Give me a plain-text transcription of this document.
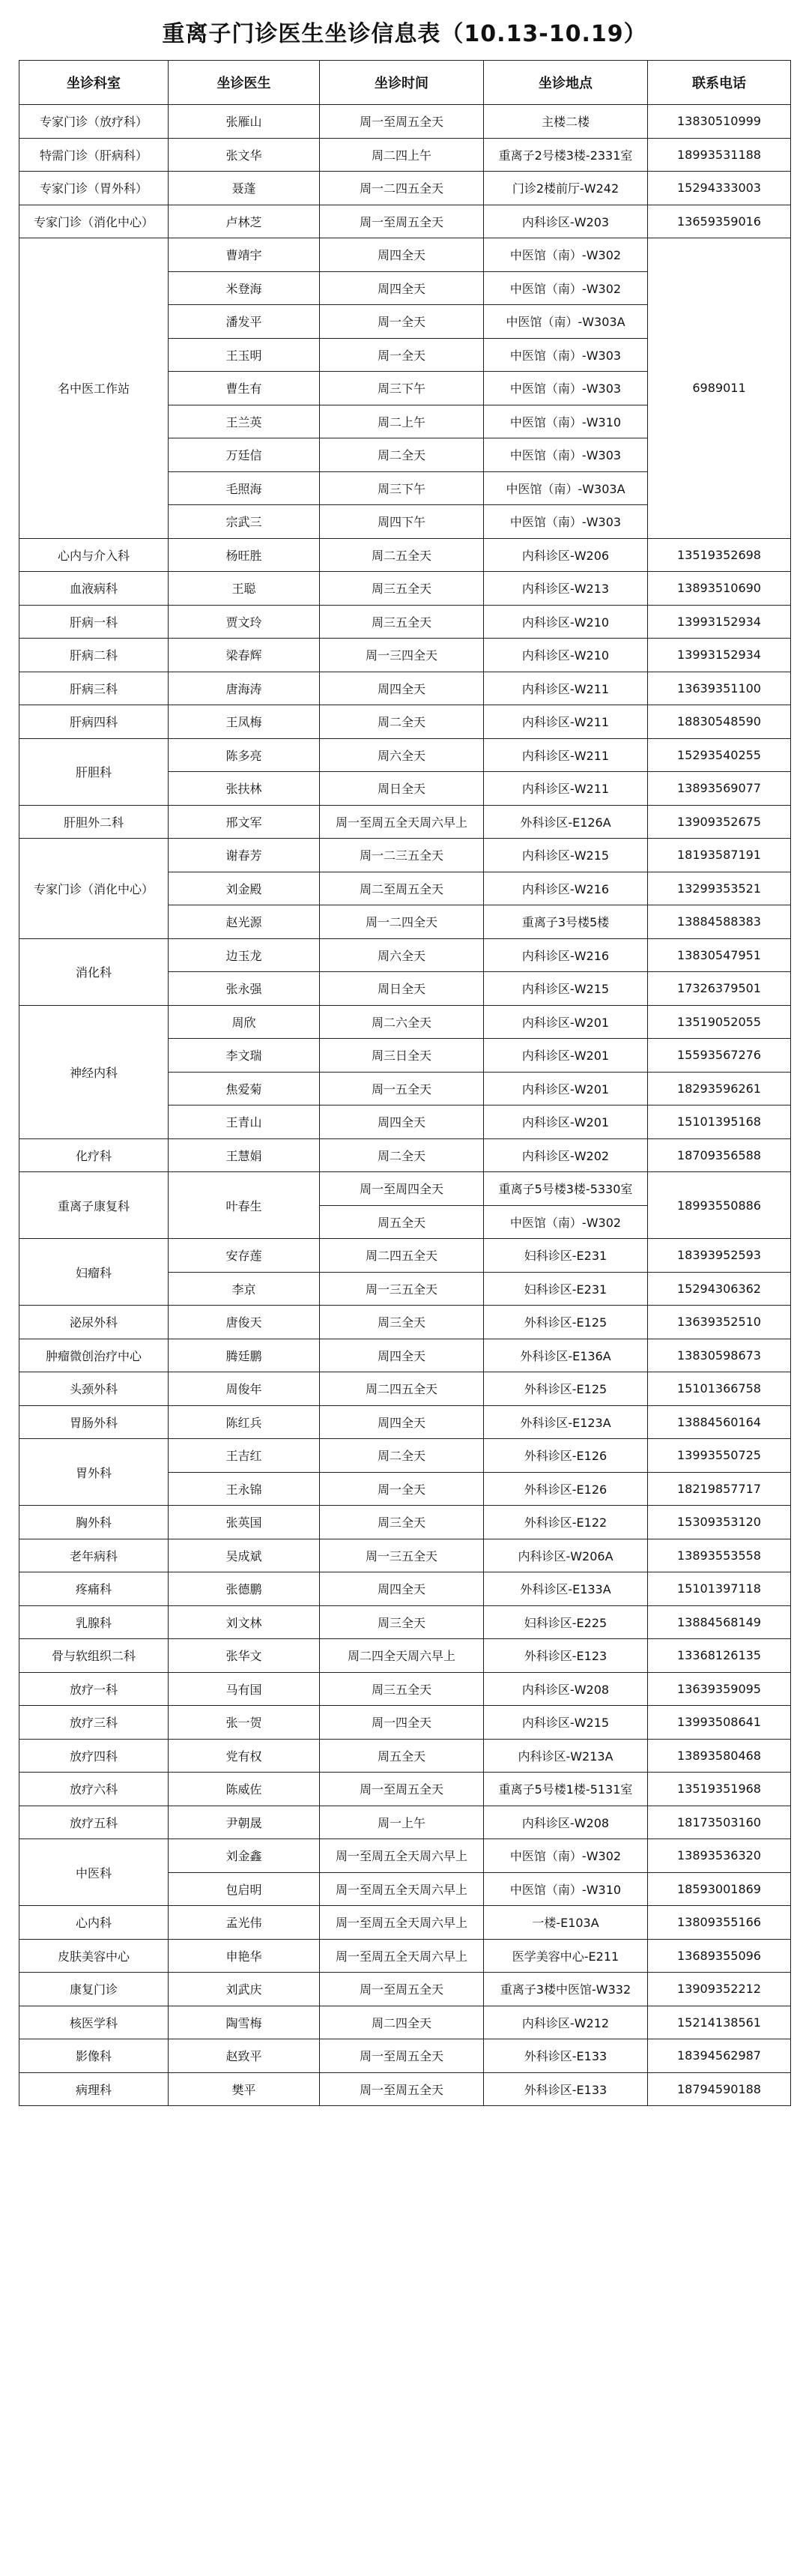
重离子门诊医生坐诊信息表（10.13-10.19）
坐诊科室	坐诊医生	坐诊时间	坐诊地点	联系电话
专家门诊（放疗科）	张雁山	周一至周五全天	主楼二楼	13830510999
特需门诊（肝病科）	张文华	周二四上午	重离子2号楼3楼-2331室	18993531188
专家门诊（胃外科）	聂蓬	周一二四五全天	门诊2楼前厅-W242	15294333003
专家门诊（消化中心）	卢林芝	周一至周五全天	内科诊区-W203	13659359016
名中医工作站	曹靖宇	周四全天	中医馆（南）-W302	6989011
	米登海	周四全天	中医馆（南）-W302	
	潘发平	周一全天	中医馆（南）-W303A	
	王玉明	周一全天	中医馆（南）-W303	
	曹生有	周三下午	中医馆（南）-W303	
	王兰英	周二上午	中医馆（南）-W310	
	万廷信	周二全天	中医馆（南）-W303	
	毛照海	周三下午	中医馆（南）-W303A	
	宗武三	周四下午	中医馆（南）-W303	
心内与介入科	杨旺胜	周二五全天	内科诊区-W206	13519352698
血液病科	王聪	周三五全天	内科诊区-W213	13893510690
肝病一科	贾文玲	周三五全天	内科诊区-W210	13993152934
肝病二科	梁春辉	周一三四全天	内科诊区-W210	13993152934
肝病三科	唐海涛	周四全天	内科诊区-W211	13639351100
肝病四科	王凤梅	周二全天	内科诊区-W211	18830548590
肝胆科	陈多亮	周六全天	内科诊区-W211	15293540255
	张扶林	周日全天	内科诊区-W211	13893569077
肝胆外二科	邢文军	周一至周五全天周六早上	外科诊区-E126A	13909352675
专家门诊（消化中心）	谢春芳	周一二三五全天	内科诊区-W215	18193587191
	刘金殿	周二至周五全天	内科诊区-W216	13299353521
	赵光源	周一二四全天	重离子3号楼5楼	13884588383
消化科	边玉龙	周六全天	内科诊区-W216	13830547951
	张永强	周日全天	内科诊区-W215	17326379501
神经内科	周欣	周二六全天	内科诊区-W201	13519052055
	李文瑞	周三日全天	内科诊区-W201	15593567276
	焦爱菊	周一五全天	内科诊区-W201	18293596261
	王青山	周四全天	内科诊区-W201	15101395168
化疗科	王慧娟	周二全天	内科诊区-W202	18709356588
重离子康复科	叶春生	周一至周四全天	重离子5号楼3楼-5330室	18993550886
		周五全天	中医馆（南）-W302	
妇瘤科	安存莲	周二四五全天	妇科诊区-E231	18393952593
	李京	周一三五全天	妇科诊区-E231	15294306362
泌尿外科	唐俊天	周三全天	外科诊区-E125	13639352510
肿瘤微创治疗中心	腾廷鹏	周四全天	外科诊区-E136A	13830598673
头颈外科	周俊年	周二四五全天	外科诊区-E125	15101366758
胃肠外科	陈红兵	周四全天	外科诊区-E123A	13884560164
胃外科	王吉红	周二全天	外科诊区-E126	13993550725
	王永锦	周一全天	外科诊区-E126	18219857717
胸外科	张英国	周三全天	外科诊区-E122	15309353120
老年病科	吴成斌	周一三五全天	内科诊区-W206A	13893553558
疼痛科	张德鹏	周四全天	外科诊区-E133A	15101397118
乳腺科	刘文林	周三全天	妇科诊区-E225	13884568149
骨与软组织二科	张华文	周二四全天周六早上	外科诊区-E123	13368126135
放疗一科	马有国	周三五全天	内科诊区-W208	13639359095
放疗三科	张一贺	周一四全天	内科诊区-W215	13993508641
放疗四科	党有权	周五全天	内科诊区-W213A	13893580468
放疗六科	陈威佐	周一至周五全天	重离子5号楼1楼-5131室	13519351968
放疗五科	尹朝晟	周一上午	内科诊区-W208	18173503160
中医科	刘金鑫	周一至周五全天周六早上	中医馆（南）-W302	13893536320
	包启明	周一至周五全天周六早上	中医馆（南）-W310	18593001869
心内科	孟光伟	周一至周五全天周六早上	一楼-E103A	13809355166
皮肤美容中心	申艳华	周一至周五全天周六早上	医学美容中心-E211	13689355096
康复门诊	刘武庆	周一至周五全天	重离子3楼中医馆-W332	13909352212
核医学科	陶雪梅	周二四全天	内科诊区-W212	15214138561
影像科	赵致平	周一至周五全天	外科诊区-E133	18394562987
病理科	樊平	周一至周五全天	外科诊区-E133	18794590188
